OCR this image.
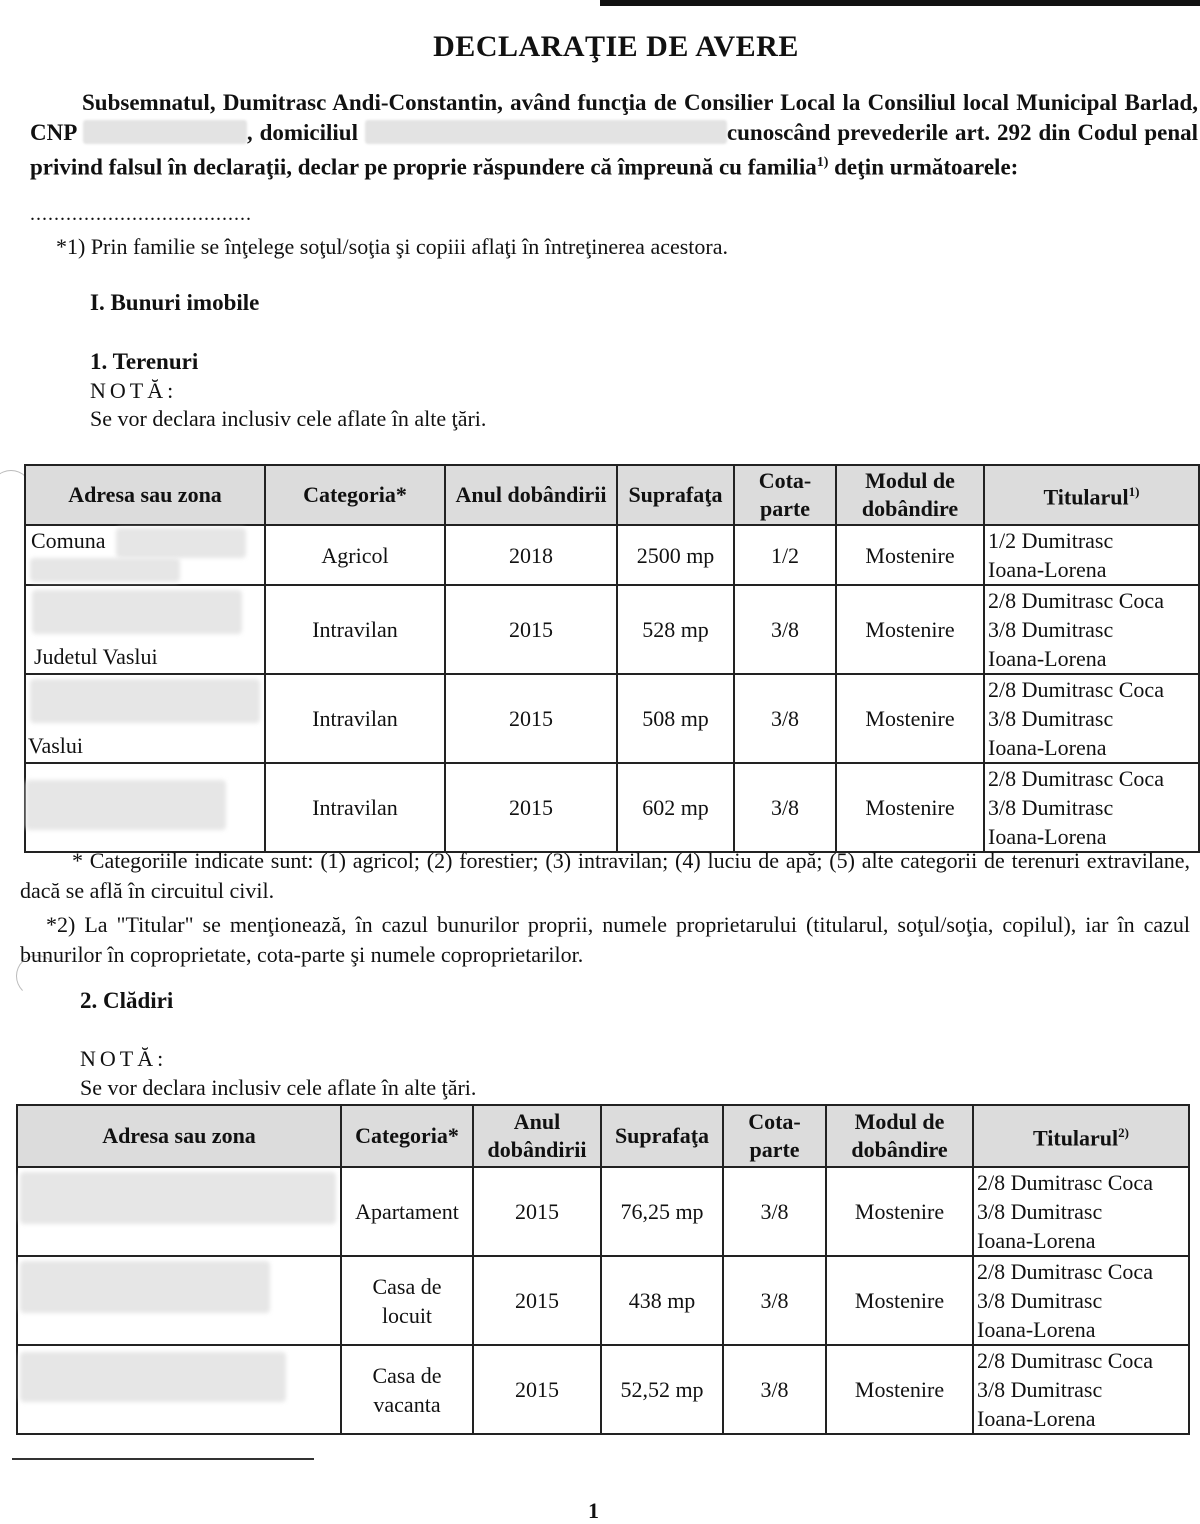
DECLARAŢIE DE AVERE
Subsemnatul, Dumitrasc Andi-Constantin, având funcţia de Consilier Local la Consiliul local Municipal Barlad, CNP	, domiciliul	cunoscând prevederile art. 292 din Codul penal privind falsul în declaraţii, declar pe proprie răspundere că împreună cu familia$^{1)}$ deţin următoarele:
.....................................
*1) Prin familie se înţelege soţul/soţia şi copiii aflaţi în întreţinerea acestora.
I. Bunuri imobile
1. Terenuri
NOTĂ:
Se vor declara inclusiv cele aflate în alte ţări.
Adresa sau zona	Categoria*	Anul dobândirii	Suprafaţa	Cota-parte	Modul de dobândire	Titularul$^{1)}$

Comuna	Agricol	2018	2500 mp	1/2	Mostenire	1/2 Dumitrasc
Ioana-Lorena

Judetul Vaslui	Intravilan	2015	528 mp	3/8	Mostenire	2/8 Dumitrasc Coca
3/8 Dumitrasc
Ioana-Lorena

Vaslui	Intravilan	2015	508 mp	3/8	Mostenire	2/8 Dumitrasc Coca
3/8 Dumitrasc
Ioana-Lorena

	Intravilan	2015	602 mp	3/8	Mostenire	2/8 Dumitrasc Coca
3/8 Dumitrasc
Ioana-Lorena
* Categoriile indicate sunt: (1) agricol; (2) forestier; (3) intravilan; (4) luciu de apă; (5) alte categorii de terenuri extravilane, dacă se află în circuitul civil.
*2) La "Titular" se menţionează, în cazul bunurilor proprii, numele proprietarului (titularul, soţul/soţia, copilul), iar în cazul bunurilor în coproprietate, cota-parte şi numele coproprietarilor.
2. Clădiri
NOTĂ:
Se vor declara inclusiv cele aflate în alte ţări.
Adresa sau zona	Categoria*	Anul dobândirii	Suprafaţa	Cota-parte	Modul de dobândire	Titularul$^{2)}$

	Apartament	2015	76,25 mp	3/8	Mostenire	2/8 Dumitrasc Coca
3/8 Dumitrasc
Ioana-Lorena

	Casa de locuit	2015	438 mp	3/8	Mostenire	2/8 Dumitrasc Coca
3/8 Dumitrasc
Ioana-Lorena

	Casa de vacanta	2015	52,52 mp	3/8	Mostenire	2/8 Dumitrasc Coca
3/8 Dumitrasc
Ioana-Lorena
1
